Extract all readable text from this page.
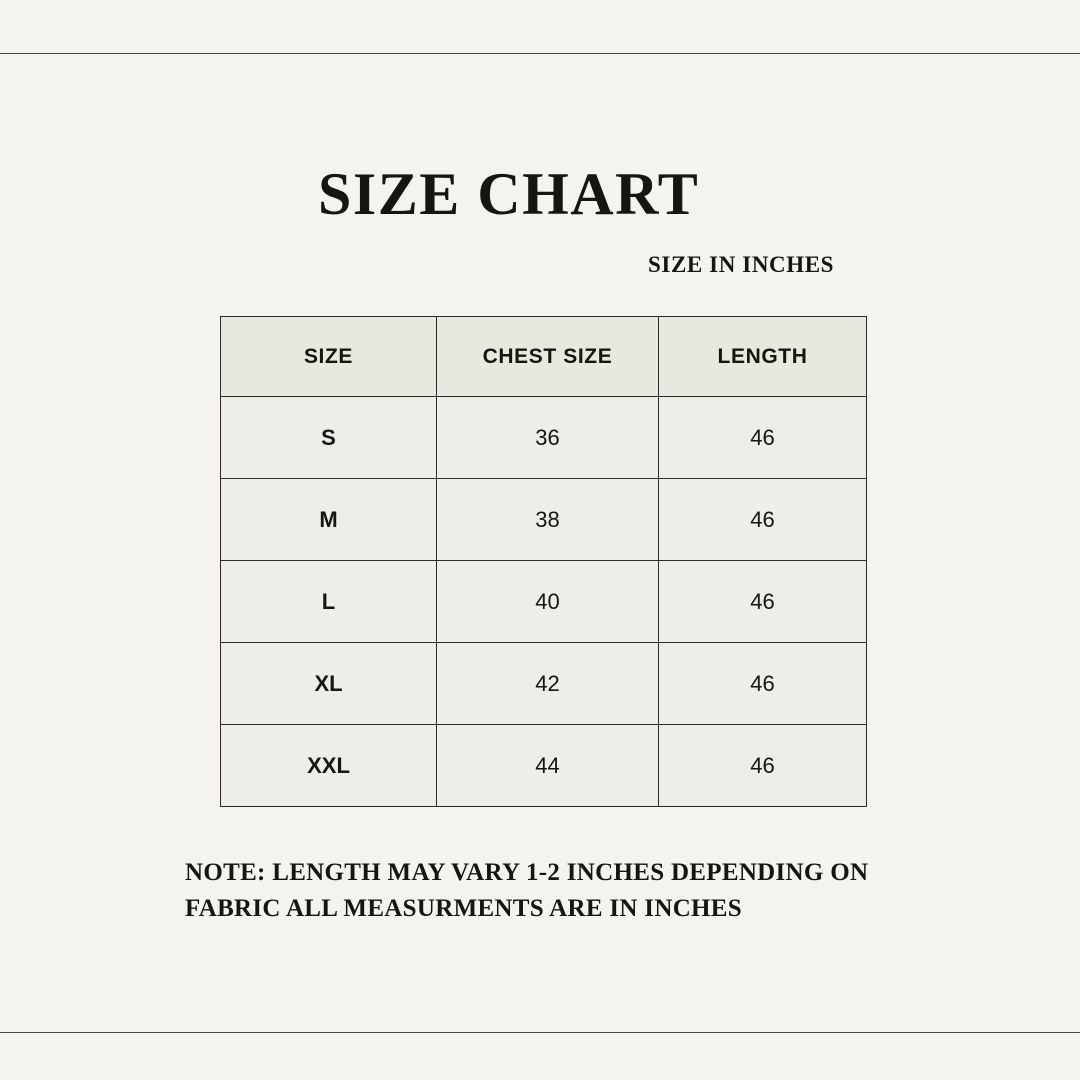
SIZE CHART
SIZE IN INCHES
SIZE	CHEST SIZE	LENGTH
S	36	46
M	38	46
L	40	46
XL	42	46
XXL	44	46
NOTE: LENGTH MAY VARY 1-2 INCHES DEPENDING ON FABRIC ALL MEASURMENTS ARE IN INCHES
